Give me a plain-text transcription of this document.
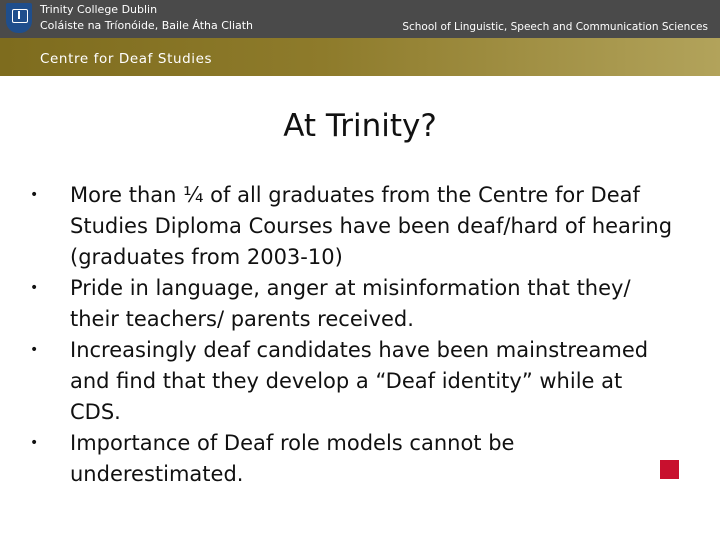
Trinity College Dublin
Coláiste na Tríonóide, Baile Átha Cliath	School of Linguistic, Speech and Communication Sciences
Centre for Deaf Studies
At Trinity?
• More than ¼ of all graduates from the Centre for Deaf Studies Diploma Courses have been deaf/hard of hearing (graduates from 2003-10)
• Pride in language, anger at misinformation that they/ their teachers/ parents received.
• Increasingly deaf candidates have been mainstreamed and find that they develop a “Deaf identity” while at CDS.
• Importance of Deaf role models cannot be underestimated.
